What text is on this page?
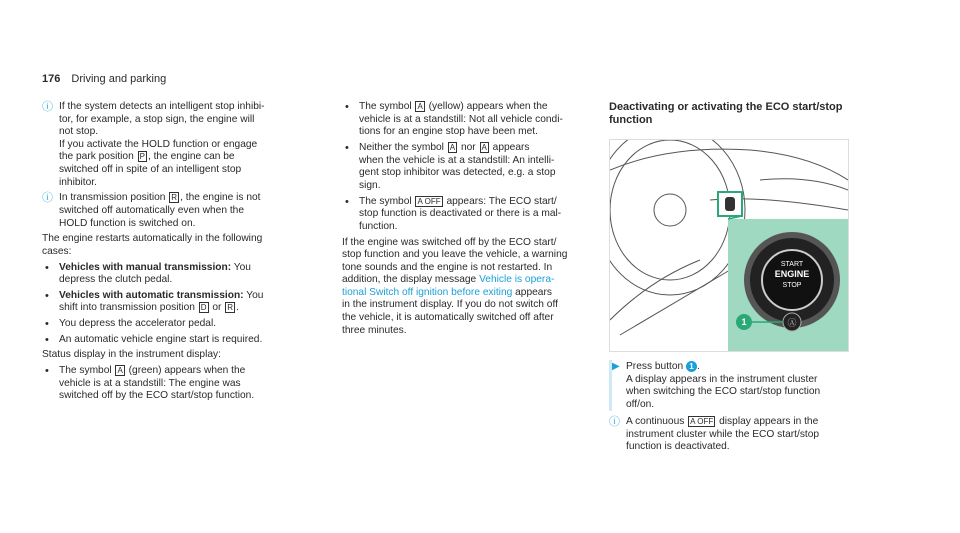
176 Driving and parking
ⓘ If the system detects an intelligent stop inhibi-
tor, for example, a stop sign, the engine will
not stop.
If you activate the HOLD function or engage
the park position P , the engine can be
switched off in spite of an intelligent stop
inhibitor.
ⓘ In transmission position R , the engine is not
switched off automatically even when the
HOLD function is switched on.

The engine restarts automatically in the following
cases:

• Vehicles with manual transmission: You
depress the clutch pedal.
• Vehicles with automatic transmission: You
shift into transmission position D or R .
• You depress the accelerator pedal.
• An automatic vehicle engine start is required.

Status display in the instrument display:

• The symbol A (green) appears when the
vehicle is at a standstill: The engine was
switched off by the ECO start/stop function.
• The symbol A (yellow) appears when the
vehicle is at a standstill: Not all vehicle condi-
tions for an engine stop have been met.
• Neither the symbol A nor A appears
when the vehicle is at a standstill: An intelli-
gent stop inhibitor was detected, e.g. a stop
sign.
• The symbol A OFF appears: The ECO start/
stop function is deactivated or there is a mal-
function.

If the engine was switched off by the ECO start/
stop function and you leave the vehicle, a warning
tone sounds and the engine is not restarted. In
addition, the display message Vehicle is opera-
tional Switch off ignition before exiting appears
in the instrument display. If you do not switch off
the vehicle, it is automatically switched off after
three minutes.

Deactivating or activating the ECO start/stop
function
START
ENGINE
STOP
Ⓐ
1
▶ Press button 1 .
A display appears in the instrument cluster
when switching the ECO start/stop function
off/on.
ⓘ A continuous A OFF display appears in the
instrument cluster while the ECO start/stop
function is deactivated.
